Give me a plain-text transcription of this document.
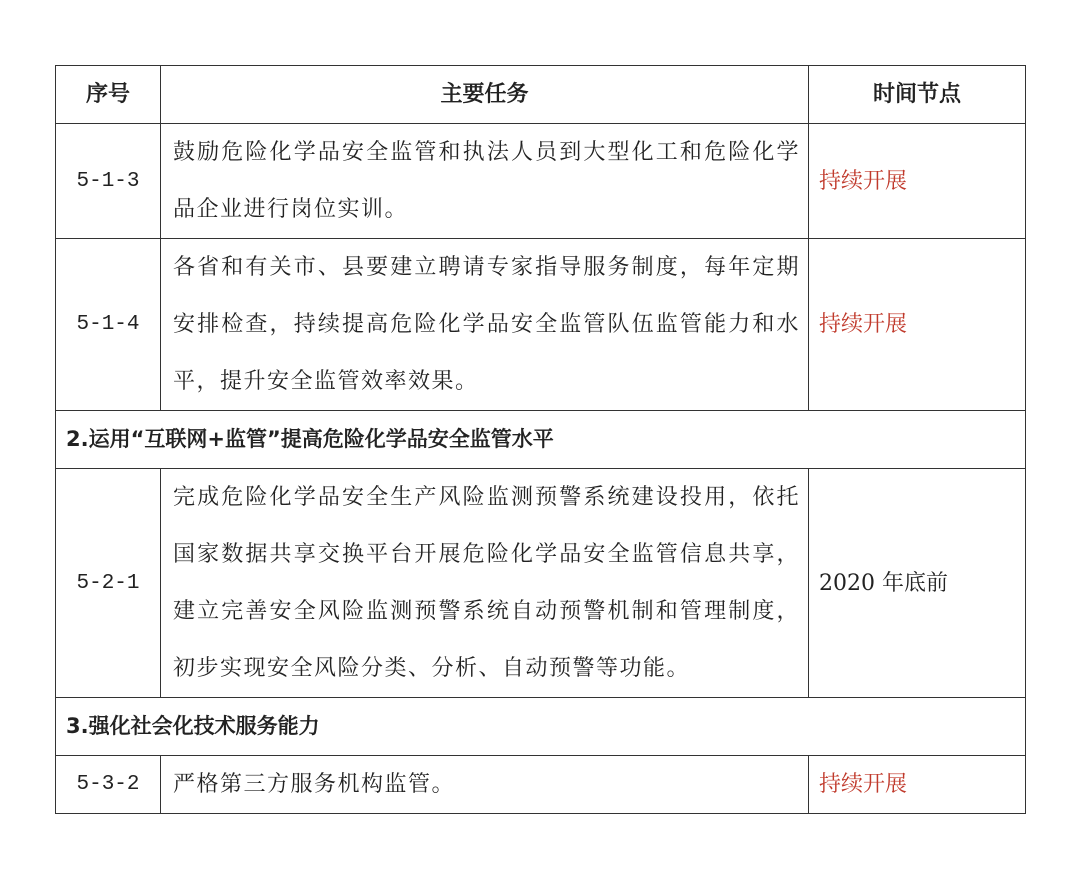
序号	主要任务	时间节点
5-1-3	鼓励危险化学品安全监管和执法人员到大型化工和危险化学品企业进行岗位实训。	持续开展
5-1-4	各省和有关市、县要建立聘请专家指导服务制度，每年定期安排检查，持续提高危险化学品安全监管队伍监管能力和水平，提升安全监管效率效果。	持续开展
2.运用“互联网+监管”提高危险化学品安全监管水平		
5-2-1	完成危险化学品安全生产风险监测预警系统建设投用，依托国家数据共享交换平台开展危险化学品安全监管信息共享，建立完善安全风险监测预警系统自动预警机制和管理制度，初步实现安全风险分类、分析、自动预警等功能。	2020 年底前
3.强化社会化技术服务能力		
5-3-2	严格第三方服务机构监管。	持续开展
